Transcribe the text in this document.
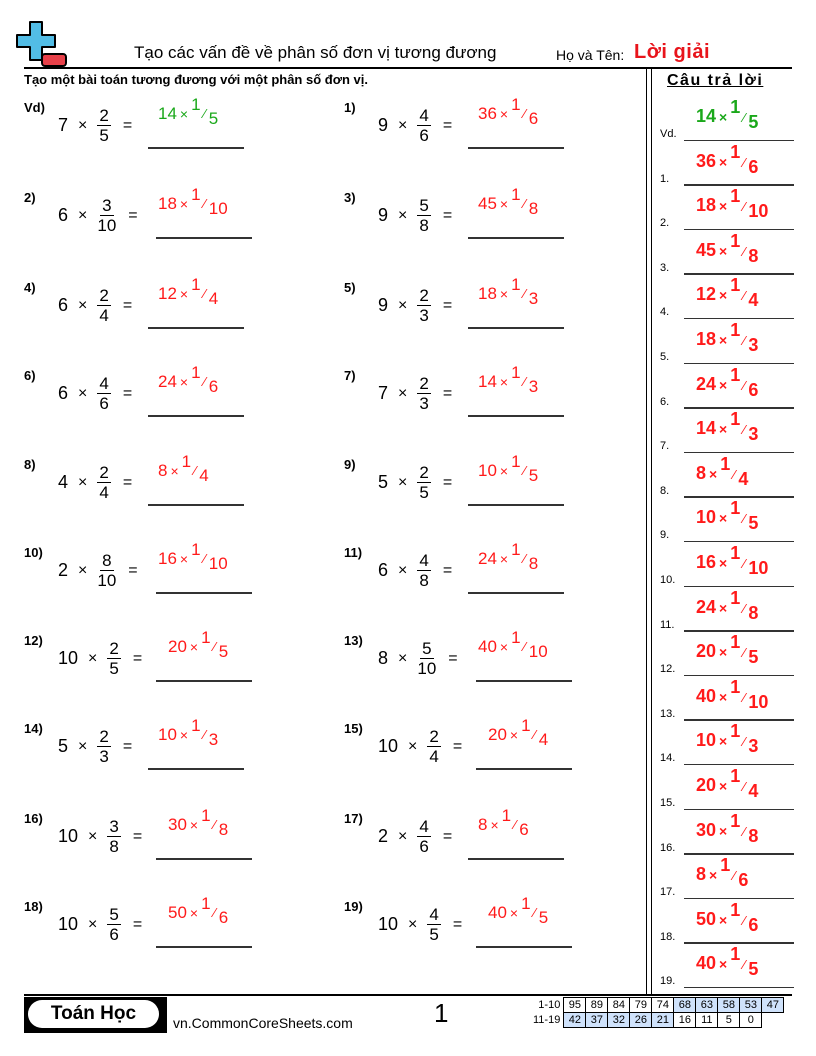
Tạo các vấn đề về phân số đơn vị tương đương	Họ và Tên: Lời giải
Tạo một bài toán tương đương với một phân số đơn vị.	Câu trả lời
Vd)
$7 \times \frac{2}{5}$ =
14 × 1 ⁄ 5
1)
$9 \times \frac{4}{6}$ =
36 × 1 ⁄ 6
2)
$6 \times \frac{3}{10}$ =
18 × 1 ⁄ 10
3)
$9 \times \frac{5}{8}$ =
45 × 1 ⁄ 8
4)
$6 \times \frac{2}{4}$ =
12 × 1 ⁄ 4
5)
$9 \times \frac{2}{3}$ =
18 × 1 ⁄ 3
6)
$6 \times \frac{4}{6}$ =
24 × 1 ⁄ 6
7)
$7 \times \frac{2}{3}$ =
14 × 1 ⁄ 3
8)
$4 \times \frac{2}{4}$ =
8 × 1 ⁄ 4
9)
$5 \times \frac{2}{5}$ =
10 × 1 ⁄ 5
10)
$2 \times \frac{8}{10}$ =
16 × 1 ⁄ 10
11)
$6 \times \frac{4}{8}$ =
24 × 1 ⁄ 8
12)
$10 \times \frac{2}{5}$ =
20 × 1 ⁄ 5
13)
$8 \times \frac{5}{10}$ =
40 × 1 ⁄ 10
14)
$5 \times \frac{2}{3}$ =
10 × 1 ⁄ 3
15)
$10 \times \frac{2}{4}$ =
20 × 1 ⁄ 4
16)
$10 \times \frac{3}{8}$ =
30 × 1 ⁄ 8
17)
$2 \times \frac{4}{6}$ =
8 × 1 ⁄ 6
18)
$10 \times \frac{5}{6}$ =
50 × 1 ⁄ 6
19)
$10 \times \frac{4}{5}$ =
40 × 1 ⁄ 5
Vd.
14 × 1⁄ 5
1.
36 × 1⁄ 6
2.
18 × 1⁄ 10
3.
45 × 1⁄ 8
4.
12 × 1⁄ 4
5.
18 × 1⁄ 3
6.
24 × 1⁄ 6
7.
14 × 1⁄ 3
8.
8 × 1⁄ 4
9.
10 × 1⁄ 5
10.
16 × 1⁄ 10
11.
24 × 1⁄ 8
12.
20 × 1⁄ 5
13.
40 × 1⁄ 10
14.
10 × 1⁄ 3
15.
20 × 1⁄ 4
16.
30 × 1⁄ 8
17.
8 × 1⁄ 6
18.
50 × 1⁄ 6
19.
40 × 1⁄ 5
Toán Học	vn.CommonCoreSheets.com	1	1-10	95	89	84	79	74	68	63	58	53	47
11-19	42	37	32	26	21	16	11	5	0	
